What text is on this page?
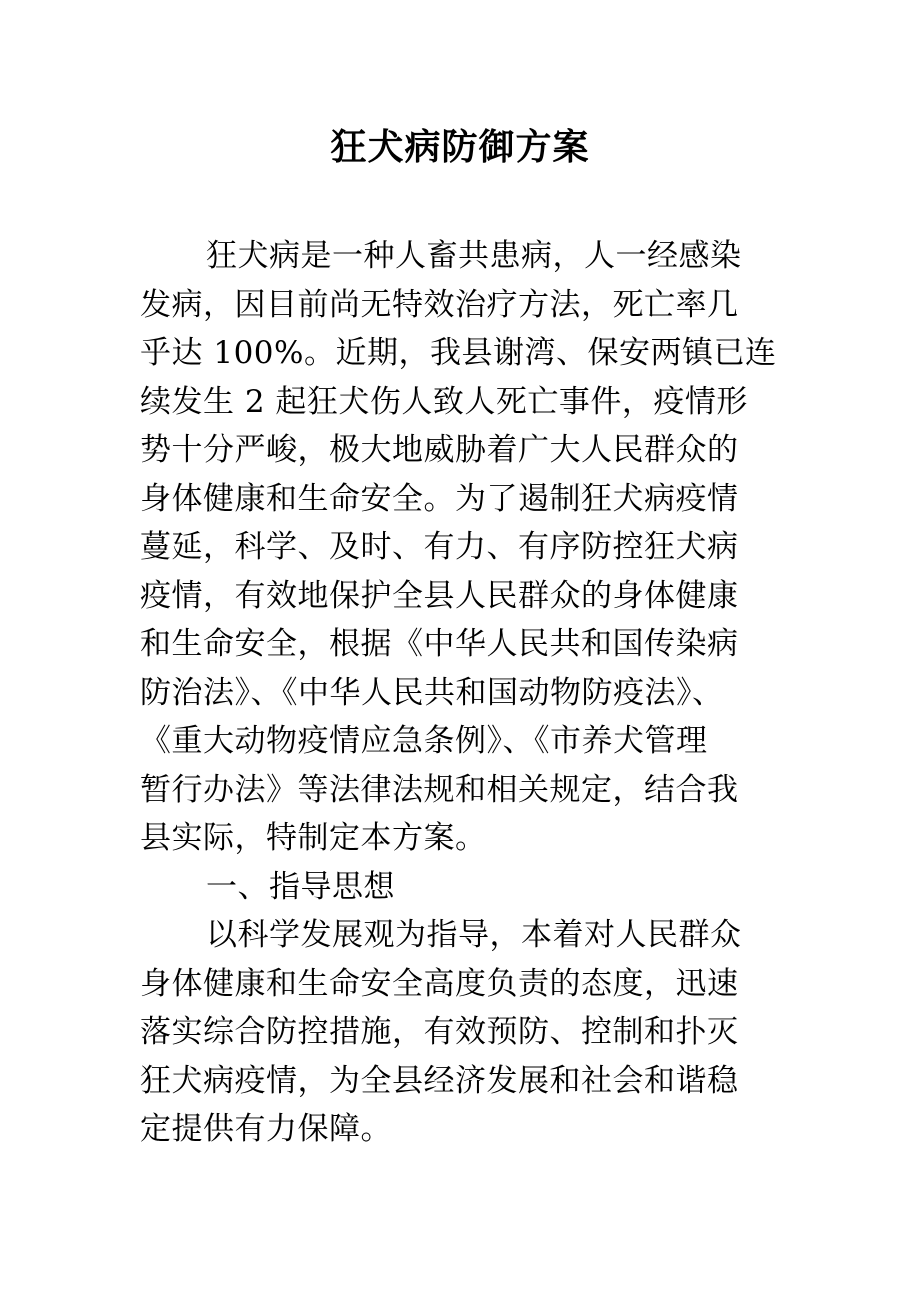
狂犬病防御方案
狂犬病是一种人畜共患病，人一经感染
发病，因目前尚无特效治疗方法，死亡率几
乎达 100%。近期，我县谢湾、保安两镇已连
续发生 2 起狂犬伤人致人死亡事件，疫情形
势十分严峻，极大地威胁着广大人民群众的
身体健康和生命安全。为了遏制狂犬病疫情
蔓延，科学、及时、有力、有序防控狂犬病
疫情，有效地保护全县人民群众的身体健康
和生命安全，根据《中华人民共和国传染病
防治法》、《中华人民共和国动物防疫法》、
《重大动物疫情应急条例》、《市养犬管理
暂行办法》等法律法规和相关规定，结合我
县实际，特制定本方案。
一、指导思想
以科学发展观为指导，本着对人民群众
身体健康和生命安全高度负责的态度，迅速
落实综合防控措施，有效预防、控制和扑灭
狂犬病疫情，为全县经济发展和社会和谐稳
定提供有力保障。
